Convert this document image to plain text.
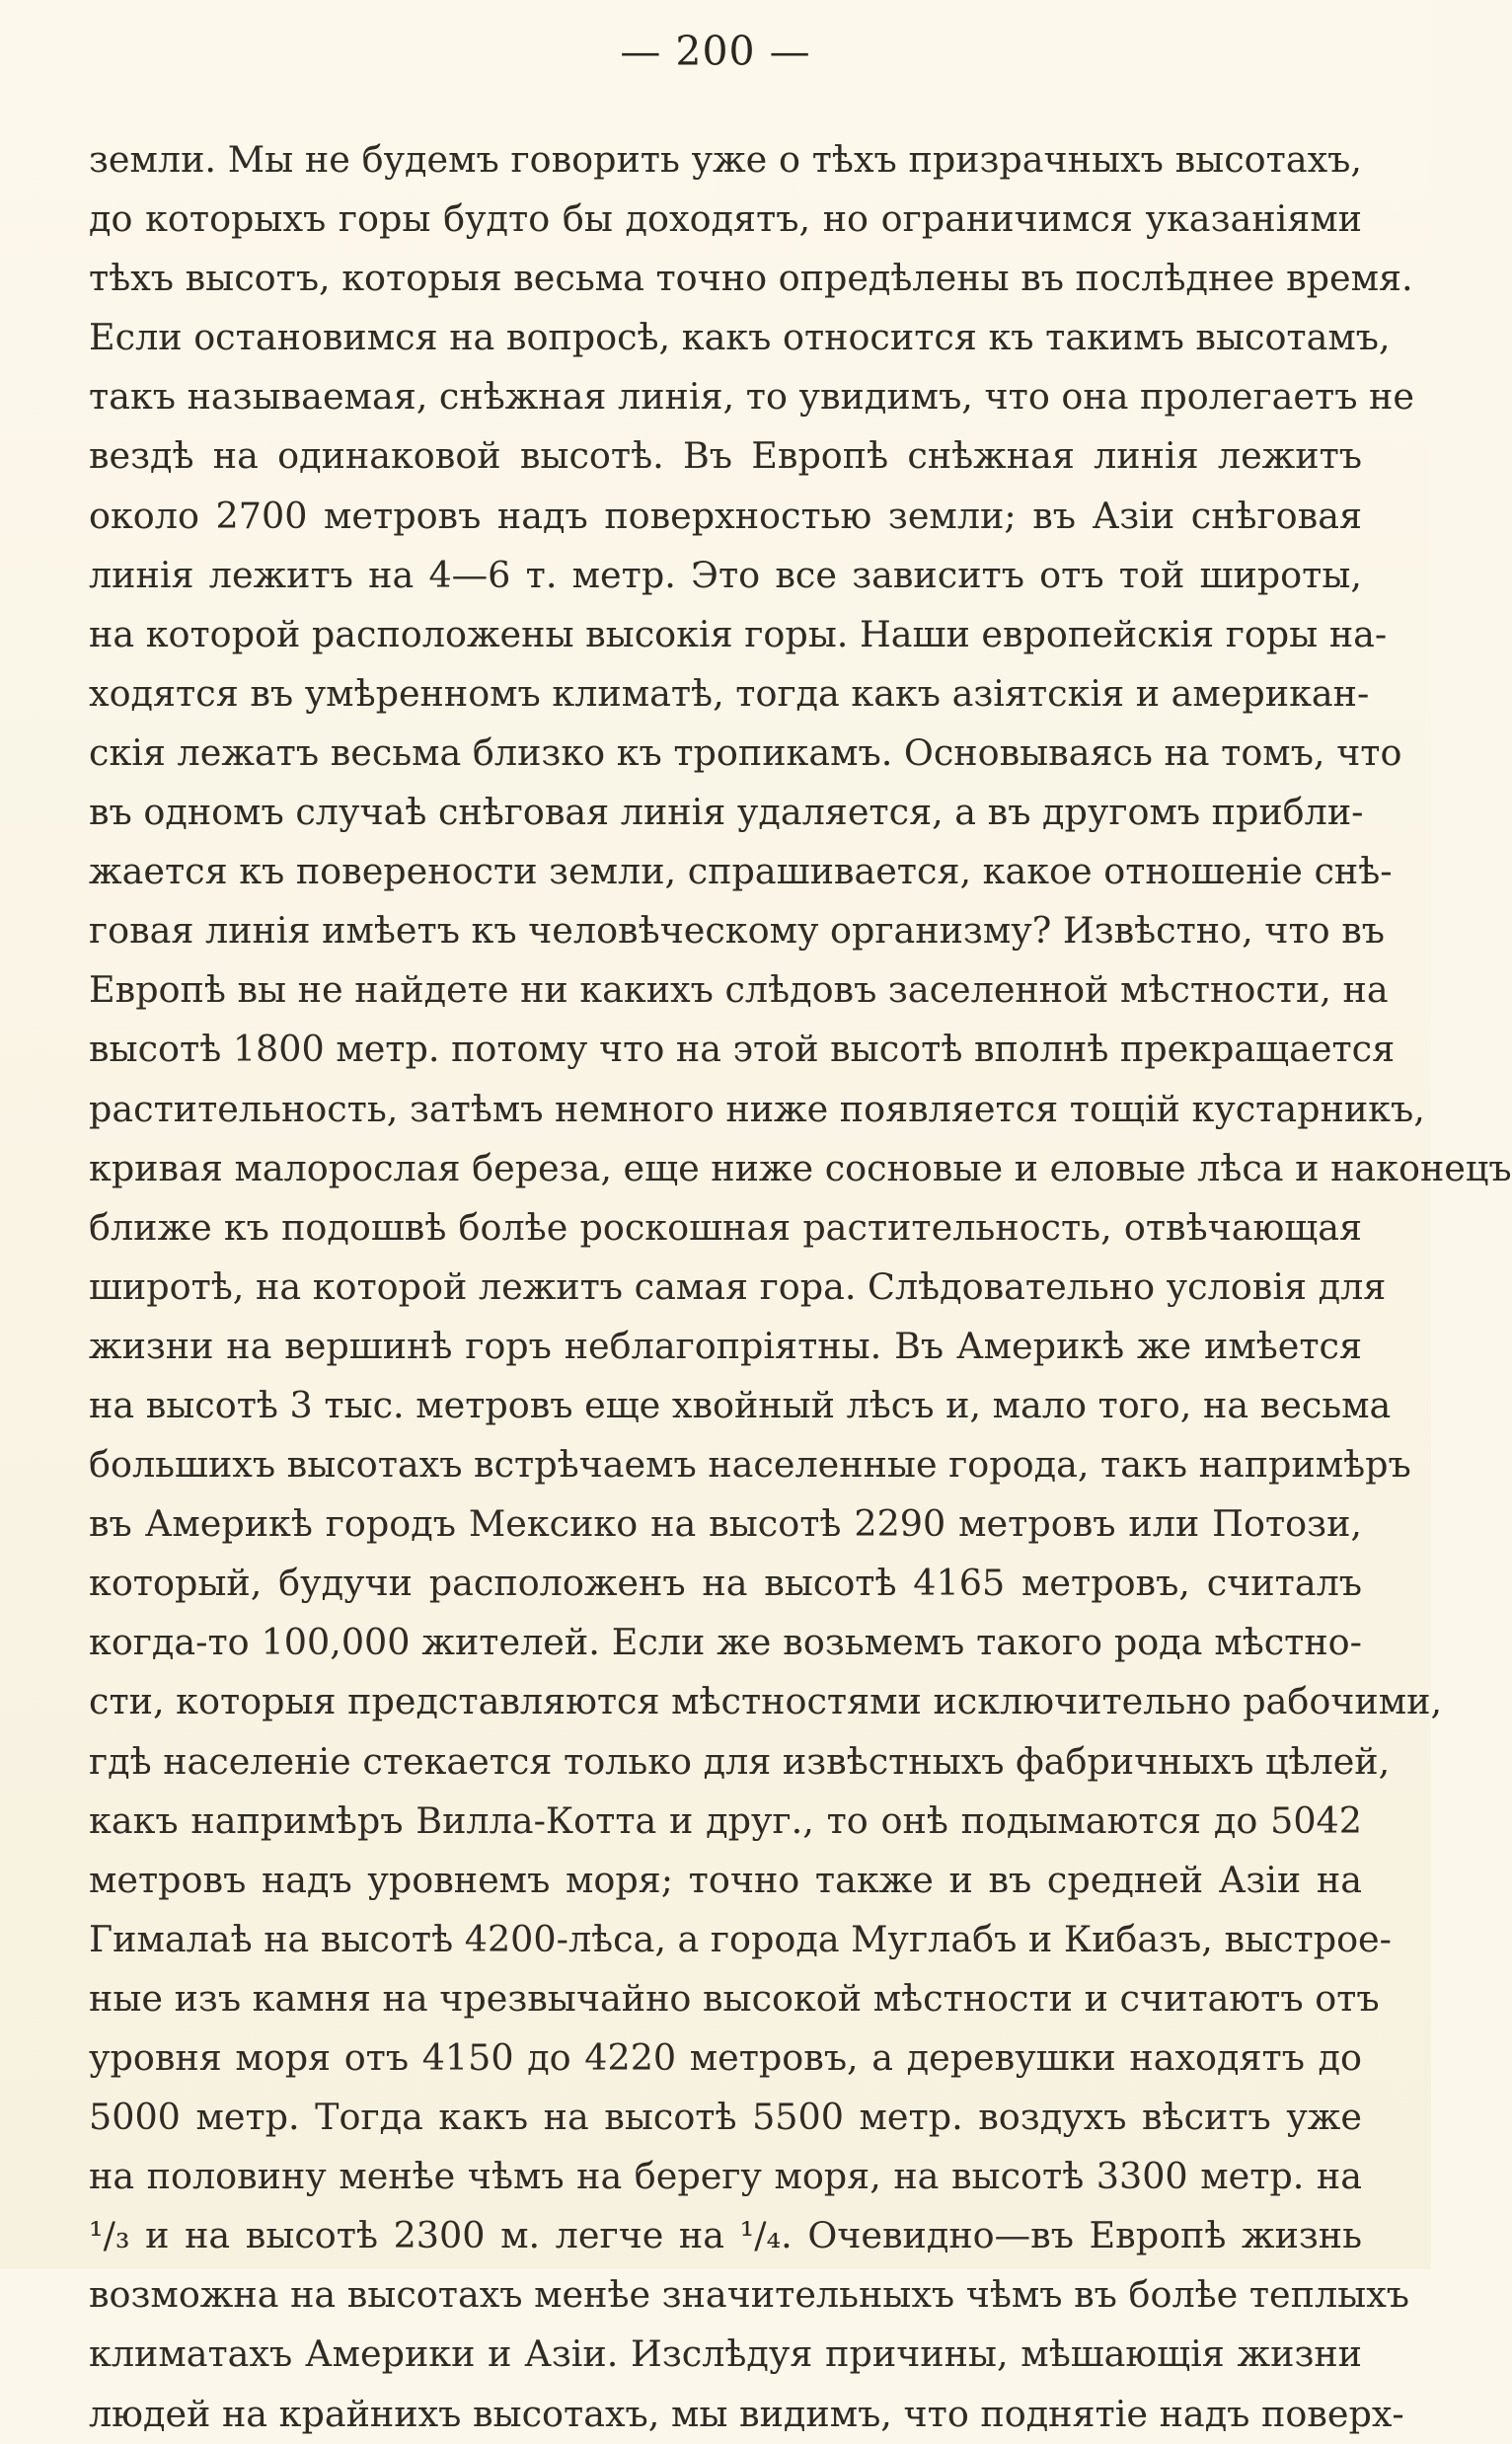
— 200 —
земли. Мы не будемъ говорить уже о тѣхъ призрачныхъ высотахъ,
до которыхъ горы будто бы доходятъ, но ограничимся указаніями
тѣхъ высотъ, которыя весьма точно опредѣлены въ послѣднее время.
Если остановимся на вопросѣ, какъ относится къ такимъ высотамъ,
такъ называемая, снѣжная линія, то увидимъ, что она пролегаетъ не
вездѣ на одинаковой высотѣ. Въ Европѣ снѣжная линія лежитъ
около 2700 метровъ надъ поверхностью земли; въ Азіи снѣговая
линія лежитъ на 4—6 т. метр. Это все зависитъ отъ той широты,
на которой расположены высокія горы. Наши европейскія горы на-
ходятся въ умѣренномъ климатѣ, тогда какъ азіятскія и американ-
скія лежатъ весьма близко къ тропикамъ. Основываясь на томъ, что
въ одномъ случаѣ снѣговая линія удаляется, а въ другомъ прибли-
жается къ поверености земли, спрашивается, какое отношеніе снѣ-
говая линія имѣетъ къ человѣческому организму? Извѣстно, что въ
Европѣ вы не найдете ни какихъ слѣдовъ заселенной мѣстности, на
высотѣ 1800 метр. потому что на этой высотѣ вполнѣ прекращается
растительность, затѣмъ немного ниже появляется тощій кустарникъ,
кривая малорослая береза, еще ниже сосновые и еловые лѣса и наконецъ
ближе къ подошвѣ болѣе роскошная растительность, отвѣчающая
широтѣ, на которой лежитъ самая гора. Слѣдовательно условія для
жизни на вершинѣ горъ неблагопріятны. Въ Америкѣ же имѣется
на высотѣ 3 тыс. метровъ еще хвойный лѣсъ и, мало того, на весьма
большихъ высотахъ встрѣчаемъ населенные города, такъ напримѣръ
въ Америкѣ городъ Мексико на высотѣ 2290 метровъ или Потози,
который, будучи расположенъ на высотѣ 4165 метровъ, считалъ
когда-то 100,000 жителей. Если же возьмемъ такого рода мѣстно-
сти, которыя представляются мѣстностями исключительно рабочими,
гдѣ населеніе стекается только для извѣстныхъ фабричныхъ цѣлей,
какъ напримѣръ Вилла-Котта и друг., то онѣ подымаются до 5042
метровъ надъ уровнемъ моря; точно также и въ средней Азіи на
Гималаѣ на высотѣ 4200-лѣса, а города Муглабъ и Кибазъ, выстрое-
ные изъ камня на чрезвычайно высокой мѣстности и считаютъ отъ
уровня моря отъ 4150 до 4220 метровъ, а деревушки находятъ до
5000 метр. Тогда какъ на высотѣ 5500 метр. воздухъ вѣситъ уже
на половину менѣе чѣмъ на берегу моря, на высотѣ 3300 метр. на
¹/₃ и на высотѣ 2300 м. легче на ¹/₄. Очевидно—въ Европѣ жизнь
возможна на высотахъ менѣе значительныхъ чѣмъ въ болѣе теплыхъ
климатахъ Америки и Азіи. Изслѣдуя причины, мѣшающія жизни
людей на крайнихъ высотахъ, мы видимъ, что поднятіе надъ поверх-
